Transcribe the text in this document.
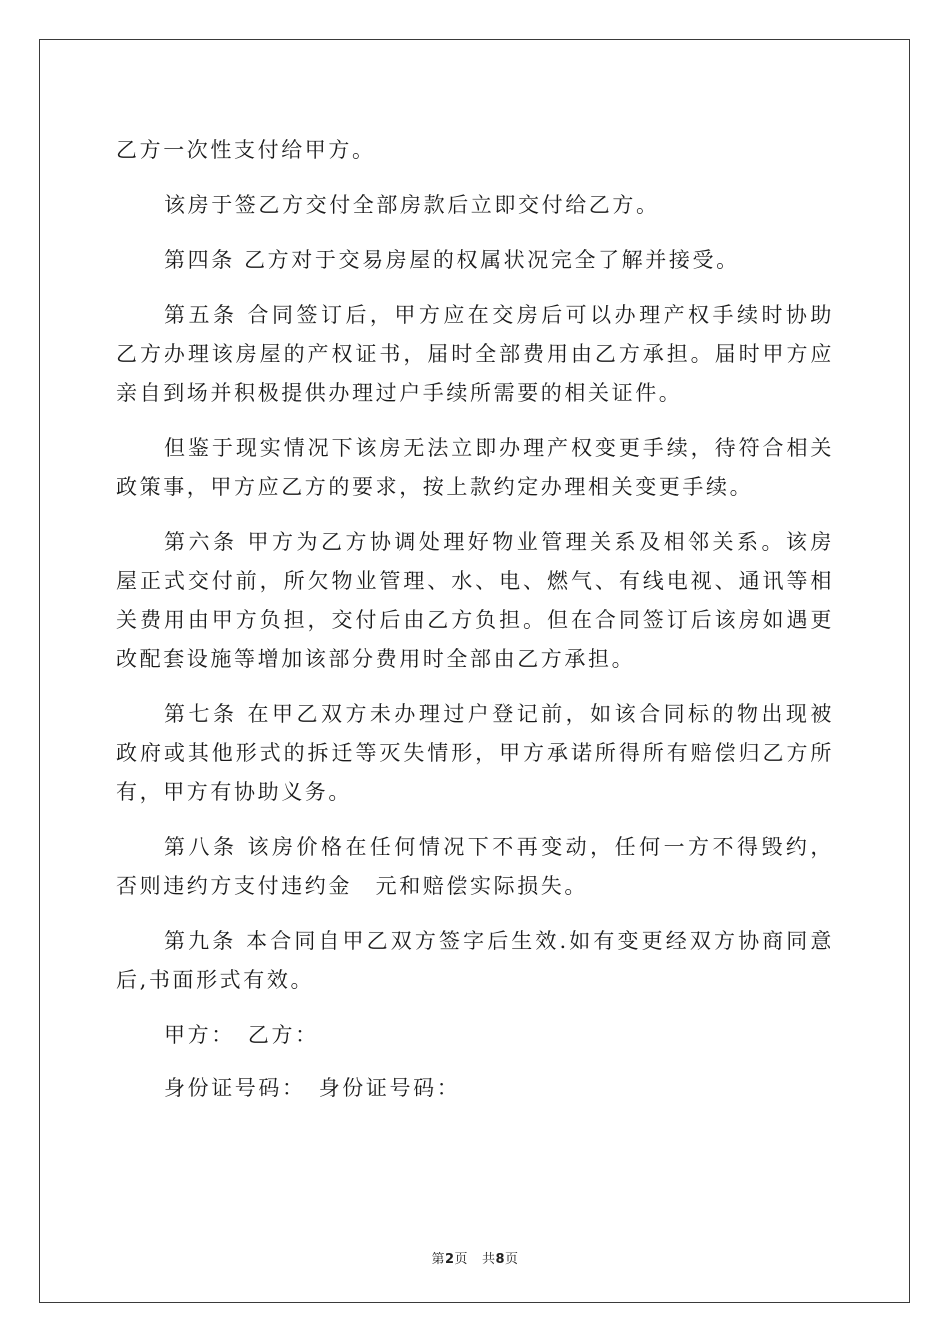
乙方一次性支付给甲方。

该房于签乙方交付全部房款后立即交付给乙方。

第四条 乙方对于交易房屋的权属状况完全了解并接受。

第五条 合同签订后，甲方应在交房后可以办理产权手续时协助乙方办理该房屋的产权证书，届时全部费用由乙方承担。届时甲方应亲自到场并积极提供办理过户手续所需要的相关证件。

但鉴于现实情况下该房无法立即办理产权变更手续，待符合相关政策事，甲方应乙方的要求，按上款约定办理相关变更手续。

第六条 甲方为乙方协调处理好物业管理关系及相邻关系。该房屋正式交付前，所欠物业管理、水、电、燃气、有线电视、通讯等相关费用由甲方负担，交付后由乙方负担。但在合同签订后该房如遇更改配套设施等增加该部分费用时全部由乙方承担。

第七条 在甲乙双方未办理过户登记前，如该合同标的物出现被政府或其他形式的拆迁等灭失情形，甲方承诺所得所有赔偿归乙方所有，甲方有协助义务。

第八条 该房价格在任何情况下不再变动，任何一方不得毁约，否则违约方支付违约金　元和赔偿实际损失。

第九条 本合同自甲乙双方签字后生效.如有变更经双方协商同意后,书面形式有效。

甲方：　乙方：

身份证号码：　身份证号码：

第2页 共8页
